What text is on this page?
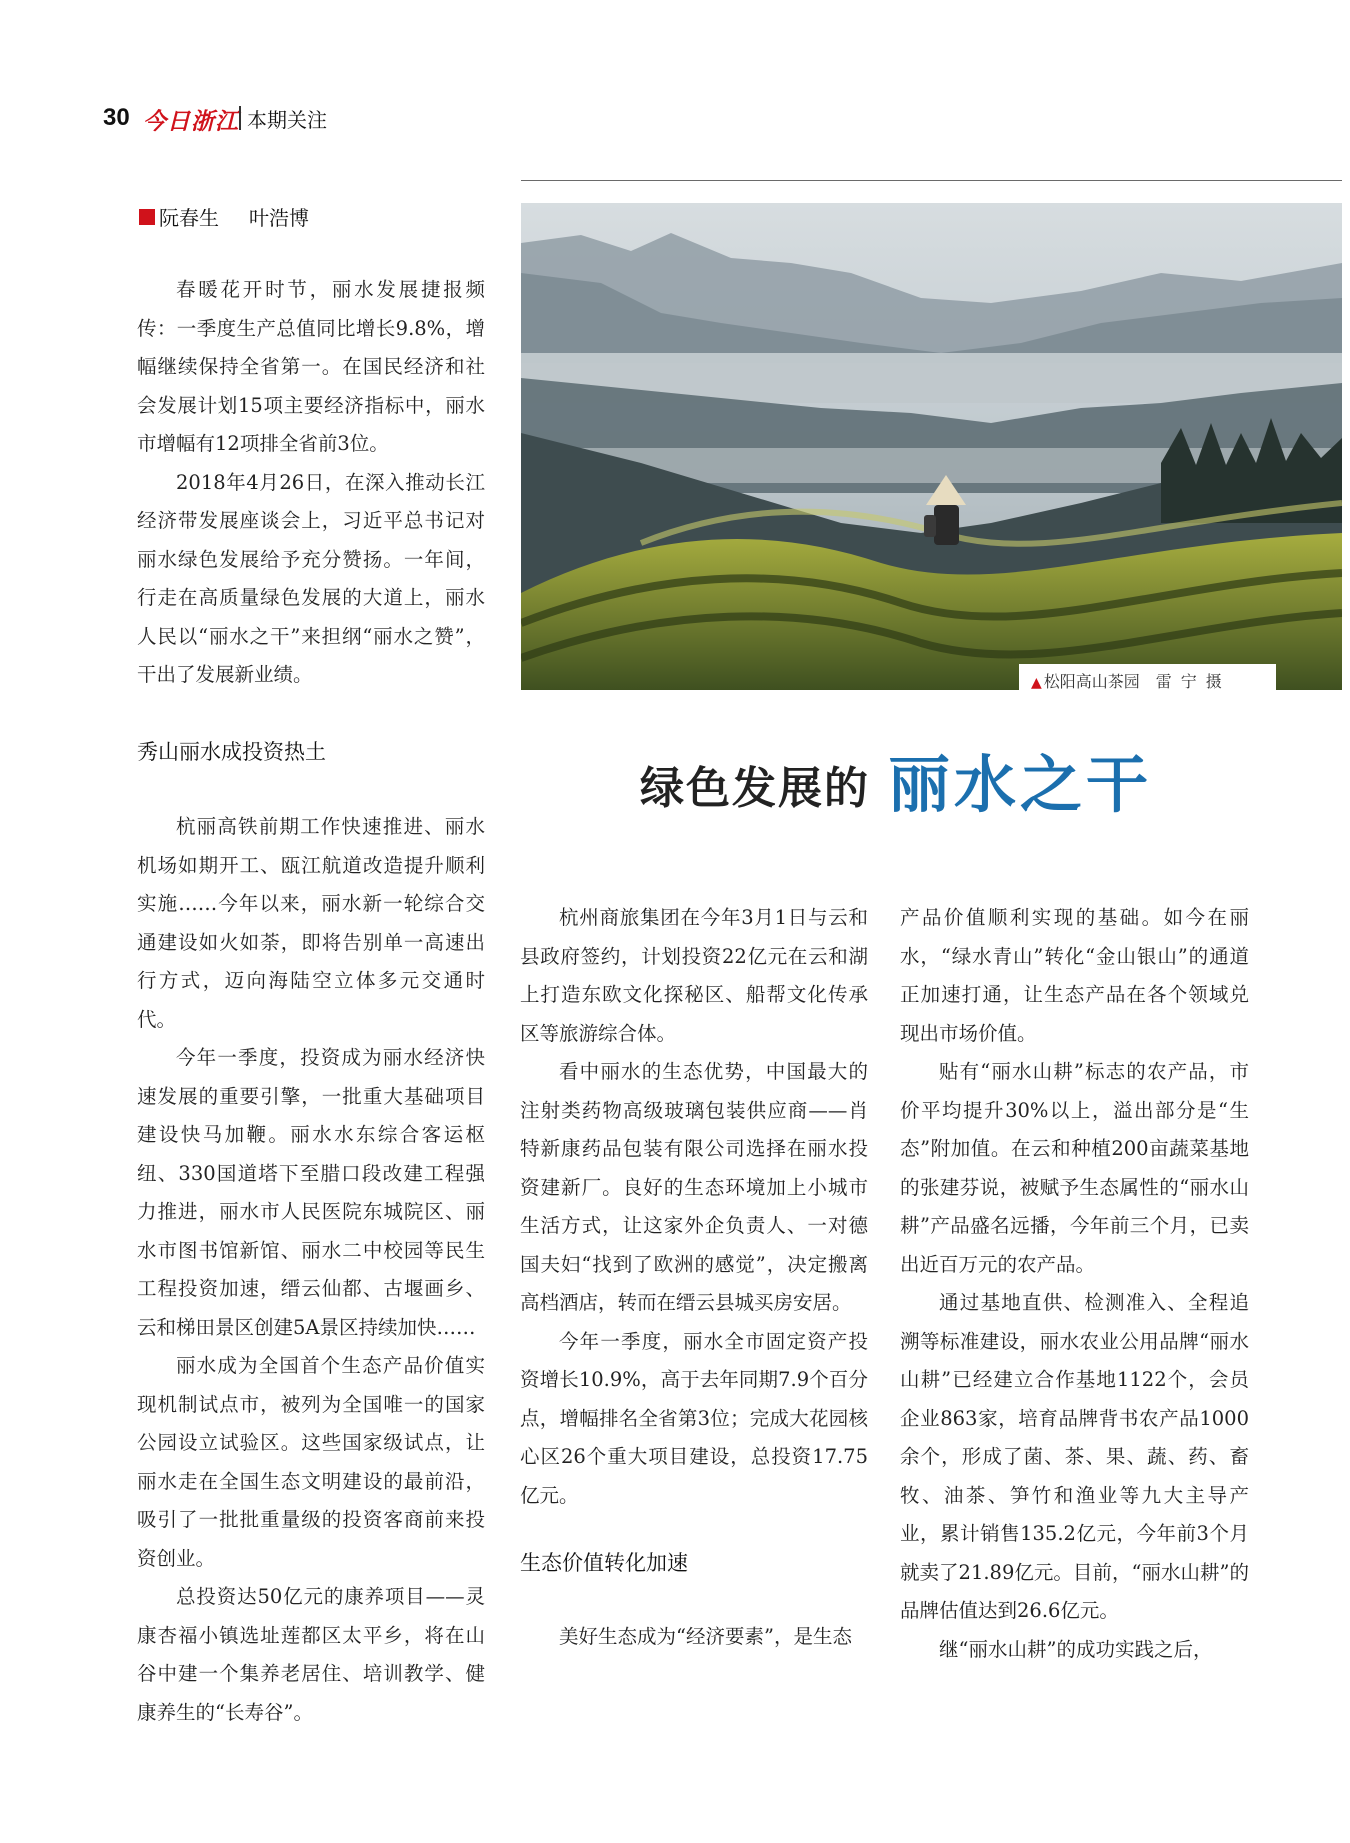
30 今日浙江 本期关注
阮春生 叶浩博

春暖花开时节，丽水发展捷报频传：一季度生产总值同比增长9.8%，增幅继续保持全省第一。在国民经济和社会发展计划15项主要经济指标中，丽水市增幅有12项排全省前3位。

2018年4月26日，在深入推动长江经济带发展座谈会上，习近平总书记对丽水绿色发展给予充分赞扬。一年间，行走在高质量绿色发展的大道上，丽水人民以“丽水之干”来担纲“丽水之赞”，干出了发展新业绩。

秀山丽水成投资热土

杭丽高铁前期工作快速推进、丽水机场如期开工、瓯江航道改造提升顺利实施……今年以来，丽水新一轮综合交通建设如火如荼，即将告别单一高速出行方式，迈向海陆空立体多元交通时代。

今年一季度，投资成为丽水经济快速发展的重要引擎，一批重大基础项目建设快马加鞭。丽水水东综合客运枢纽、330国道塔下至腊口段改建工程强力推进，丽水市人民医院东城院区、丽水市图书馆新馆、丽水二中校园等民生工程投资加速，缙云仙都、古堰画乡、云和梯田景区创建5A景区持续加快……

丽水成为全国首个生态产品价值实现机制试点市，被列为全国唯一的国家公园设立试验区。这些国家级试点，让丽水走在全国生态文明建设的最前沿，吸引了一批批重量级的投资客商前来投资创业。

总投资达50亿元的康养项目——灵康杏福小镇选址莲都区太平乡，将在山谷中建一个集养老居住、培训教学、健康养生的“长寿谷”。

▲ 松阳高山茶园 雷宁摄
绿色发展的 丽水之干

杭州商旅集团在今年3月1日与云和县政府签约，计划投资22亿元在云和湖上打造东欧文化探秘区、船帮文化传承区等旅游综合体。

看中丽水的生态优势，中国最大的注射类药物高级玻璃包装供应商——肖特新康药品包装有限公司选择在丽水投资建新厂。良好的生态环境加上小城市生活方式，让这家外企负责人、一对德国夫妇“找到了欧洲的感觉”，决定搬离高档酒店，转而在缙云县城买房安居。

今年一季度，丽水全市固定资产投资增长10.9%，高于去年同期7.9个百分点，增幅排名全省第3位；完成大花园核心区26个重大项目建设，总投资17.75亿元。

生态价值转化加速

美好生态成为“经济要素”，是生态

产品价值顺利实现的基础。如今在丽水，“绿水青山”转化“金山银山”的通道正加速打通，让生态产品在各个领域兑现出市场价值。

贴有“丽水山耕”标志的农产品，市价平均提升30%以上，溢出部分是“生态”附加值。在云和种植200亩蔬菜基地的张建芬说，被赋予生态属性的“丽水山耕”产品盛名远播，今年前三个月，已卖出近百万元的农产品。

通过基地直供、检测准入、全程追溯等标准建设，丽水农业公用品牌“丽水山耕”已经建立合作基地1122个，会员企业863家，培育品牌背书农产品1000余个，形成了菌、茶、果、蔬、药、畜牧、油茶、笋竹和渔业等九大主导产业，累计销售135.2亿元，今年前3个月就卖了21.89亿元。目前，“丽水山耕”的品牌估值达到26.6亿元。

继“丽水山耕”的成功实践之后，
